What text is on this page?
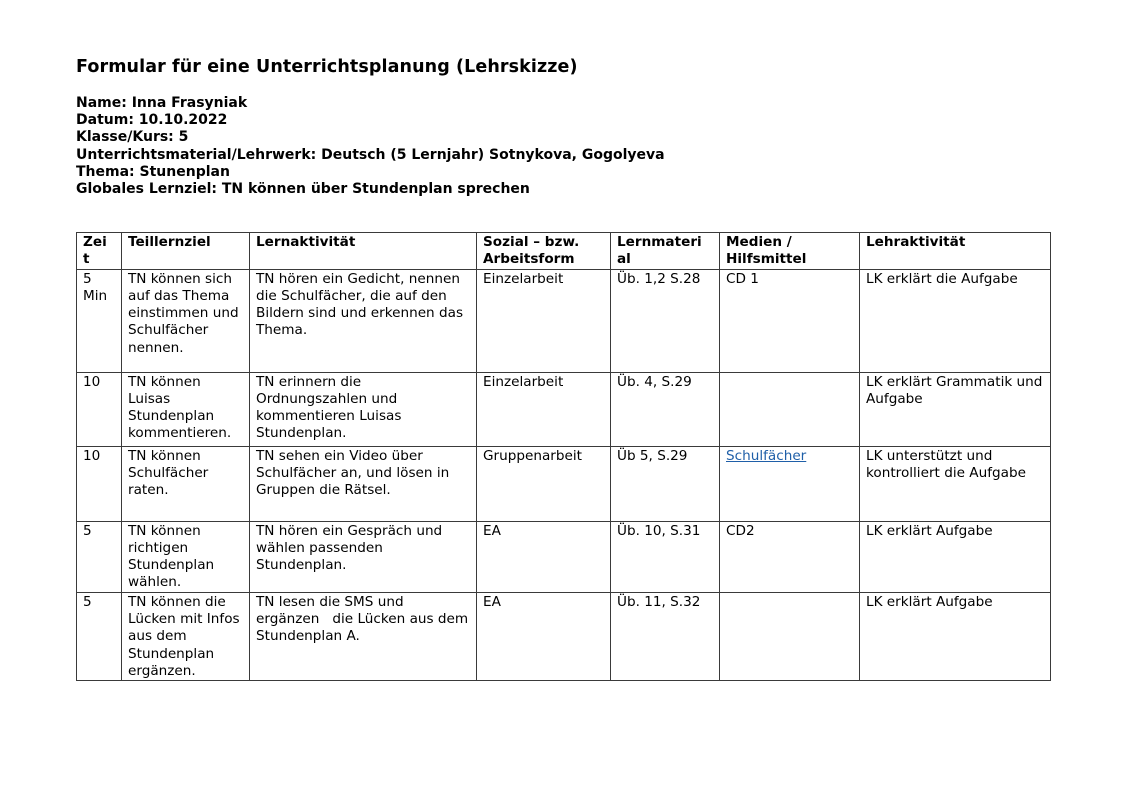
Formular für eine Unterrichtsplanung (Lehrskizze)
Name: Inna Frasyniak
Datum: 10.10.2022
Klasse/Kurs: 5
Unterrichtsmaterial/Lehrwerk: Deutsch (5 Lernjahr) Sotnykova, Gogolyeva
Thema: Stunenplan
Globales Lernziel: TN können über Stundenplan sprechen
Zei t	Teillernziel	Lernaktivität	Sozial – bzw. Arbeitsform	Lernmateri al	Medien / Hilfsmittel	Lehraktivität
5 Min	TN können sich auf das Thema einstimmen und Schulfächer nennen.	TN hören ein Gedicht, nennen die Schulfächer, die auf den Bildern sind und erkennen das Thema.	Einzelarbeit	Üb. 1,2 S.28	CD 1	LK erklärt die Aufgabe
10	TN können Luisas Stundenplan kommentieren.	TN erinnern die Ordnungszahlen und kommentieren Luisas Stundenplan.	Einzelarbeit	Üb. 4, S.29		LK erklärt Grammatik und Aufgabe
10	TN können Schulfächer raten.	TN sehen ein Video über Schulfächer an, und lösen in Gruppen die Rätsel.	Gruppenarbeit	Üb 5, S.29	Schulfächer	LK unterstützt und kontrolliert die Aufgabe
5	TN können richtigen Stundenplan wählen.	TN hören ein Gespräch und wählen passenden Stundenplan.	EA	Üb. 10, S.31	CD2	LK erklärt Aufgabe
5	TN können die Lücken mit Infos aus dem Stundenplan ergänzen.	TN lesen die SMS und ergänzen   die Lücken aus dem Stundenplan A.	EA	Üb. 11, S.32		LK erklärt Aufgabe
